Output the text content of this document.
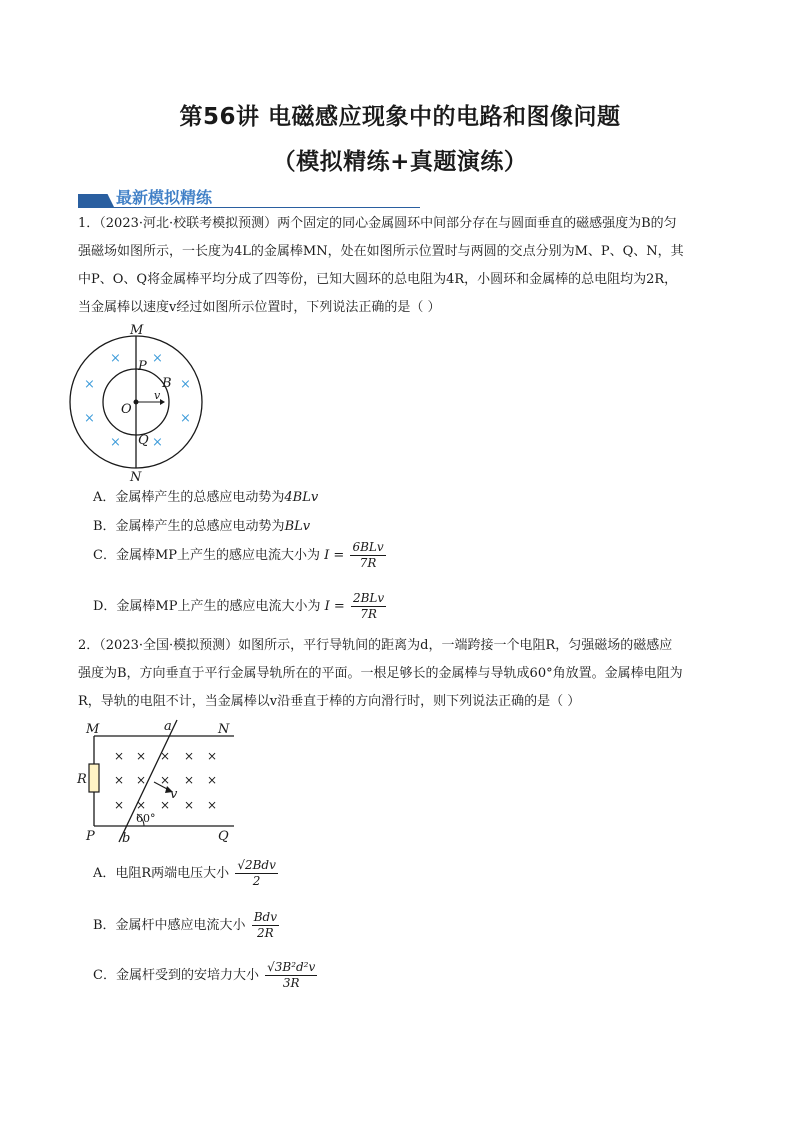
第56讲 电磁感应现象中的电路和图像问题
（模拟精练+真题演练）
最新模拟精练
1．（2023·河北·校联考模拟预测）两个固定的同心金属圆环中间部分存在与圆面垂直的磁感强度为B的匀
强磁场如图所示，一长度为4L的金属棒MN，处在如图所示位置时与两圆的交点分别为M、P、Q、N，其
中P、O、Q将金属棒平均分成了四等份，已知大圆环的总电阻为4R，小圆环和金属棒的总电阻均为2R，
当金属棒以速度v经过如图所示位置时，下列说法正确的是（ ）
× ×
×	×
×	×
× ×
M
N
P
Q
O
B
v
A．金属棒产生的总感应电动势为4BLv
B．金属棒产生的总感应电动势为BLv
C．金属棒MP上产生的感应电流大小为 $I = \frac{\text{6BLv}}{7R}$
D．金属棒MP上产生的感应电流大小为 $I = \frac{\text{2BLv}}{7R}$
2．（2023·全国·模拟预测）如图所示，平行导轨间的距离为d，一端跨接一个电阻R，匀强磁场的磁感应
强度为B，方向垂直于平行金属导轨所在的平面。一根足够长的金属棒与导轨成60°角放置。金属棒电阻为
R，导轨的电阻不计，当金属棒以v沿垂直于棒的方向滑行时，则下列说法正确的是（ ）
× × × × ×
× × × × ×
× × × × ×
M	N
P	Q
R
a
b
v
60°
A．电阻R两端电压大小 $\frac{\text{√2Bdv}}{2}$
B．金属杆中感应电流大小 $\frac{\text{Bdv}}{2R}$
C．金属杆受到的安培力大小 $\frac{\text{√3B²d²v}}{3R}$
